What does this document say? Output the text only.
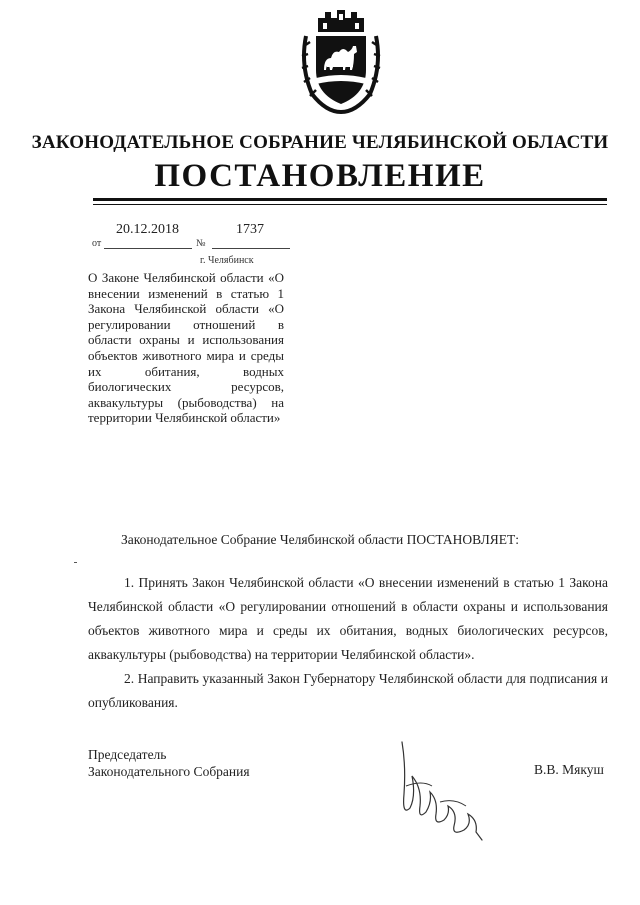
ЗАКОНОДАТЕЛЬНОЕ СОБРАНИЕ ЧЕЛЯБИНСКОЙ ОБЛАСТИ
ПОСТАНОВЛЕНИЕ
от
20.12.2018
№
1737
г. Челябинск
О Законе Челябинской области «О внесении изменений в статью 1 Закона Челябинской области «О регулировании отношений в области охраны и использования объектов животного мира и среды их обитания, водных биологических ресурсов, аквакультуры (рыбоводства) на территории Челябинской области»
Законодательное Собрание Челябинской области ПОСТАНОВЛЯЕТ:

1. Принять Закон Челябинской области «О внесении изменений в статью 1 Закона Челябинской области «О регулировании отношений в области охраны и использования объектов животного мира и среды их обитания, водных биологических ресурсов, аквакультуры (рыбоводства) на территории Челябинской области».

2. Направить указанный Закон Губернатору Челябинской области для подписания и опубликования.

Председатель
Законодательного Собрания	В.В. Мякуш
